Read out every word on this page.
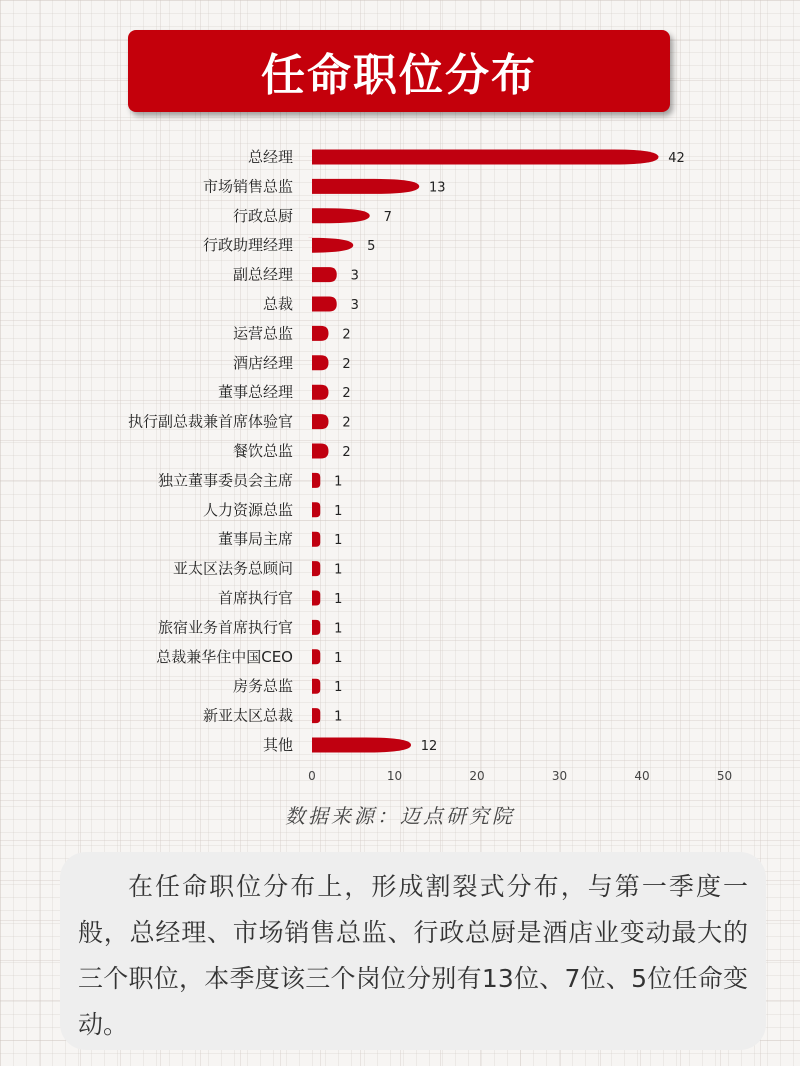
任命职位分布
总经理	42
市场销售总监	13
行政总厨	7
行政助理经理	5
副总经理	3
总裁	3
运营总监	2
酒店经理	2
董事总经理	2
执行副总裁兼首席体验官	2
餐饮总监	2
独立董事委员会主席	1
人力资源总监	1
董事局主席	1
亚太区法务总顾问	1
首席执行官	1
旅宿业务首席执行官	1
总裁兼华住中国CEO	1
房务总监	1
新亚太区总裁	1
其他	12
0	10	20	30	40	50
数据来源：迈点研究院

在任命职位分布上，形成割裂式分布，与第一季度一般，总经理、市场销售总监、行政总厨是酒店业变动最大的三个职位，本季度该三个岗位分别有13位、7位、5位任命变动。
